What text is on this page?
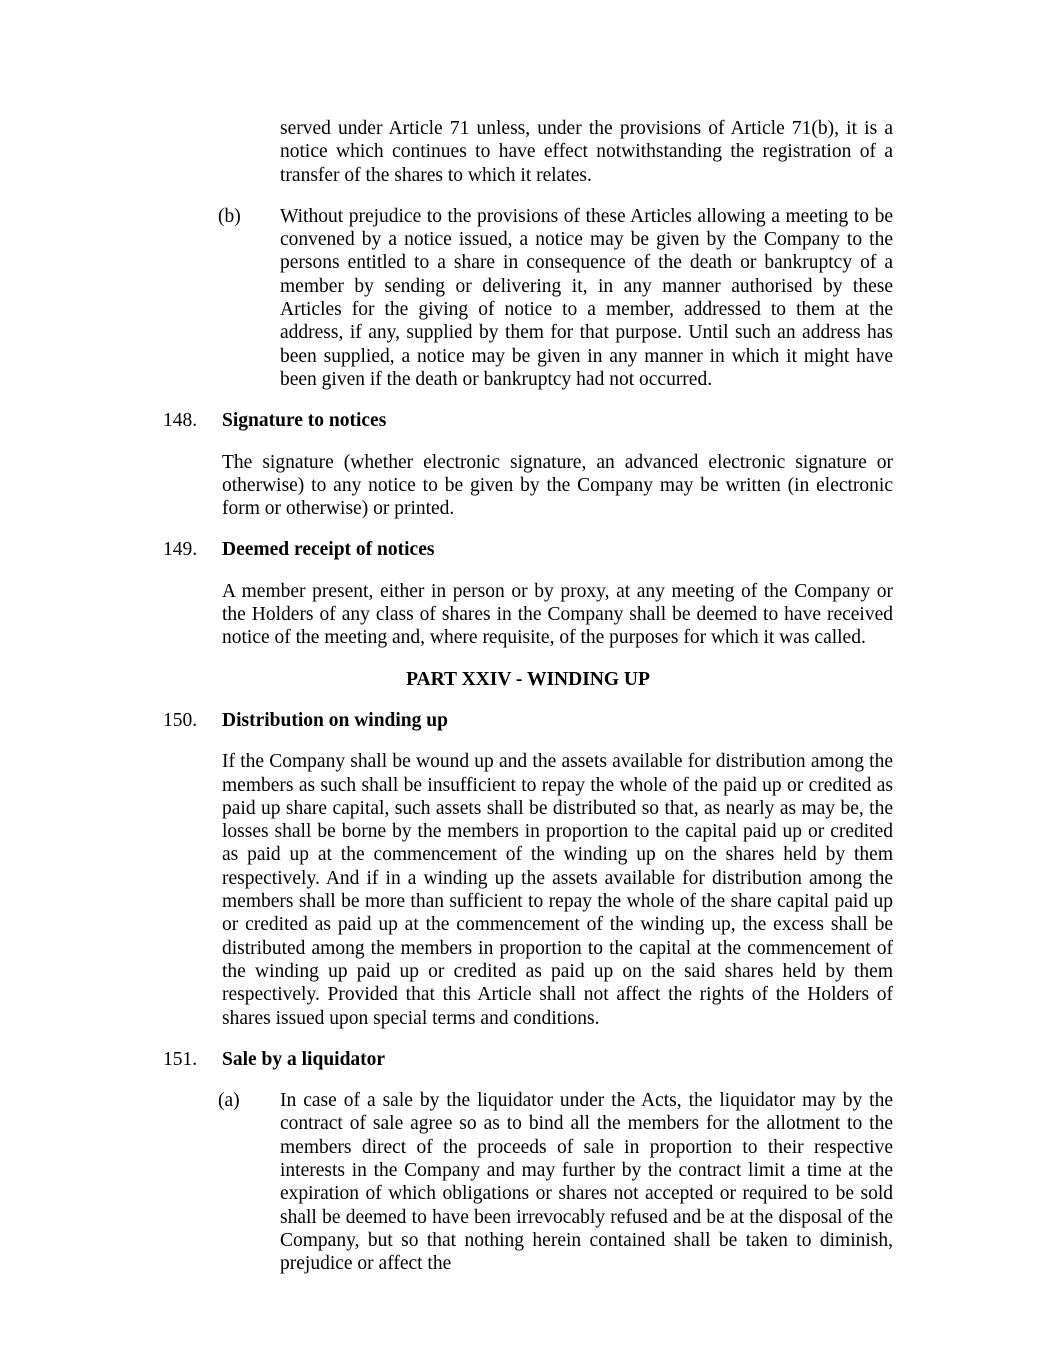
served under Article 71 unless, under the provisions of Article 71(b), it is a notice which continues to have effect notwithstanding the registration of a transfer of the shares to which it relates.
(b)	Without prejudice to the provisions of these Articles allowing a meeting to be convened by a notice issued, a notice may be given by the Company to the persons entitled to a share in consequence of the death or bankruptcy of a member by sending or delivering it, in any manner authorised by these Articles for the giving of notice to a member, addressed to them at the address, if any, supplied by them for that purpose. Until such an address has been supplied, a notice may be given in any manner in which it might have been given if the death or bankruptcy had not occurred.
148.	Signature to notices
The signature (whether electronic signature, an advanced electronic signature or otherwise) to any notice to be given by the Company may be written (in electronic form or otherwise) or printed.
149.	Deemed receipt of notices
A member present, either in person or by proxy, at any meeting of the Company or the Holders of any class of shares in the Company shall be deemed to have received notice of the meeting and, where requisite, of the purposes for which it was called.
PART XXIV - WINDING UP
150.	Distribution on winding up
If the Company shall be wound up and the assets available for distribution among the members as such shall be insufficient to repay the whole of the paid up or credited as paid up share capital, such assets shall be distributed so that, as nearly as may be, the losses shall be borne by the members in proportion to the capital paid up or credited as paid up at the commencement of the winding up on the shares held by them respectively. And if in a winding up the assets available for distribution among the members shall be more than sufficient to repay the whole of the share capital paid up or credited as paid up at the commencement of the winding up, the excess shall be distributed among the members in proportion to the capital at the commencement of the winding up paid up or credited as paid up on the said shares held by them respectively. Provided that this Article shall not affect the rights of the Holders of shares issued upon special terms and conditions.
151.	Sale by a liquidator
(a)	In case of a sale by the liquidator under the Acts, the liquidator may by the contract of sale agree so as to bind all the members for the allotment to the members direct of the proceeds of sale in proportion to their respective interests in the Company and may further by the contract limit a time at the expiration of which obligations or shares not accepted or required to be sold shall be deemed to have been irrevocably refused and be at the disposal of the Company, but so that nothing herein contained shall be taken to diminish, prejudice or affect the
